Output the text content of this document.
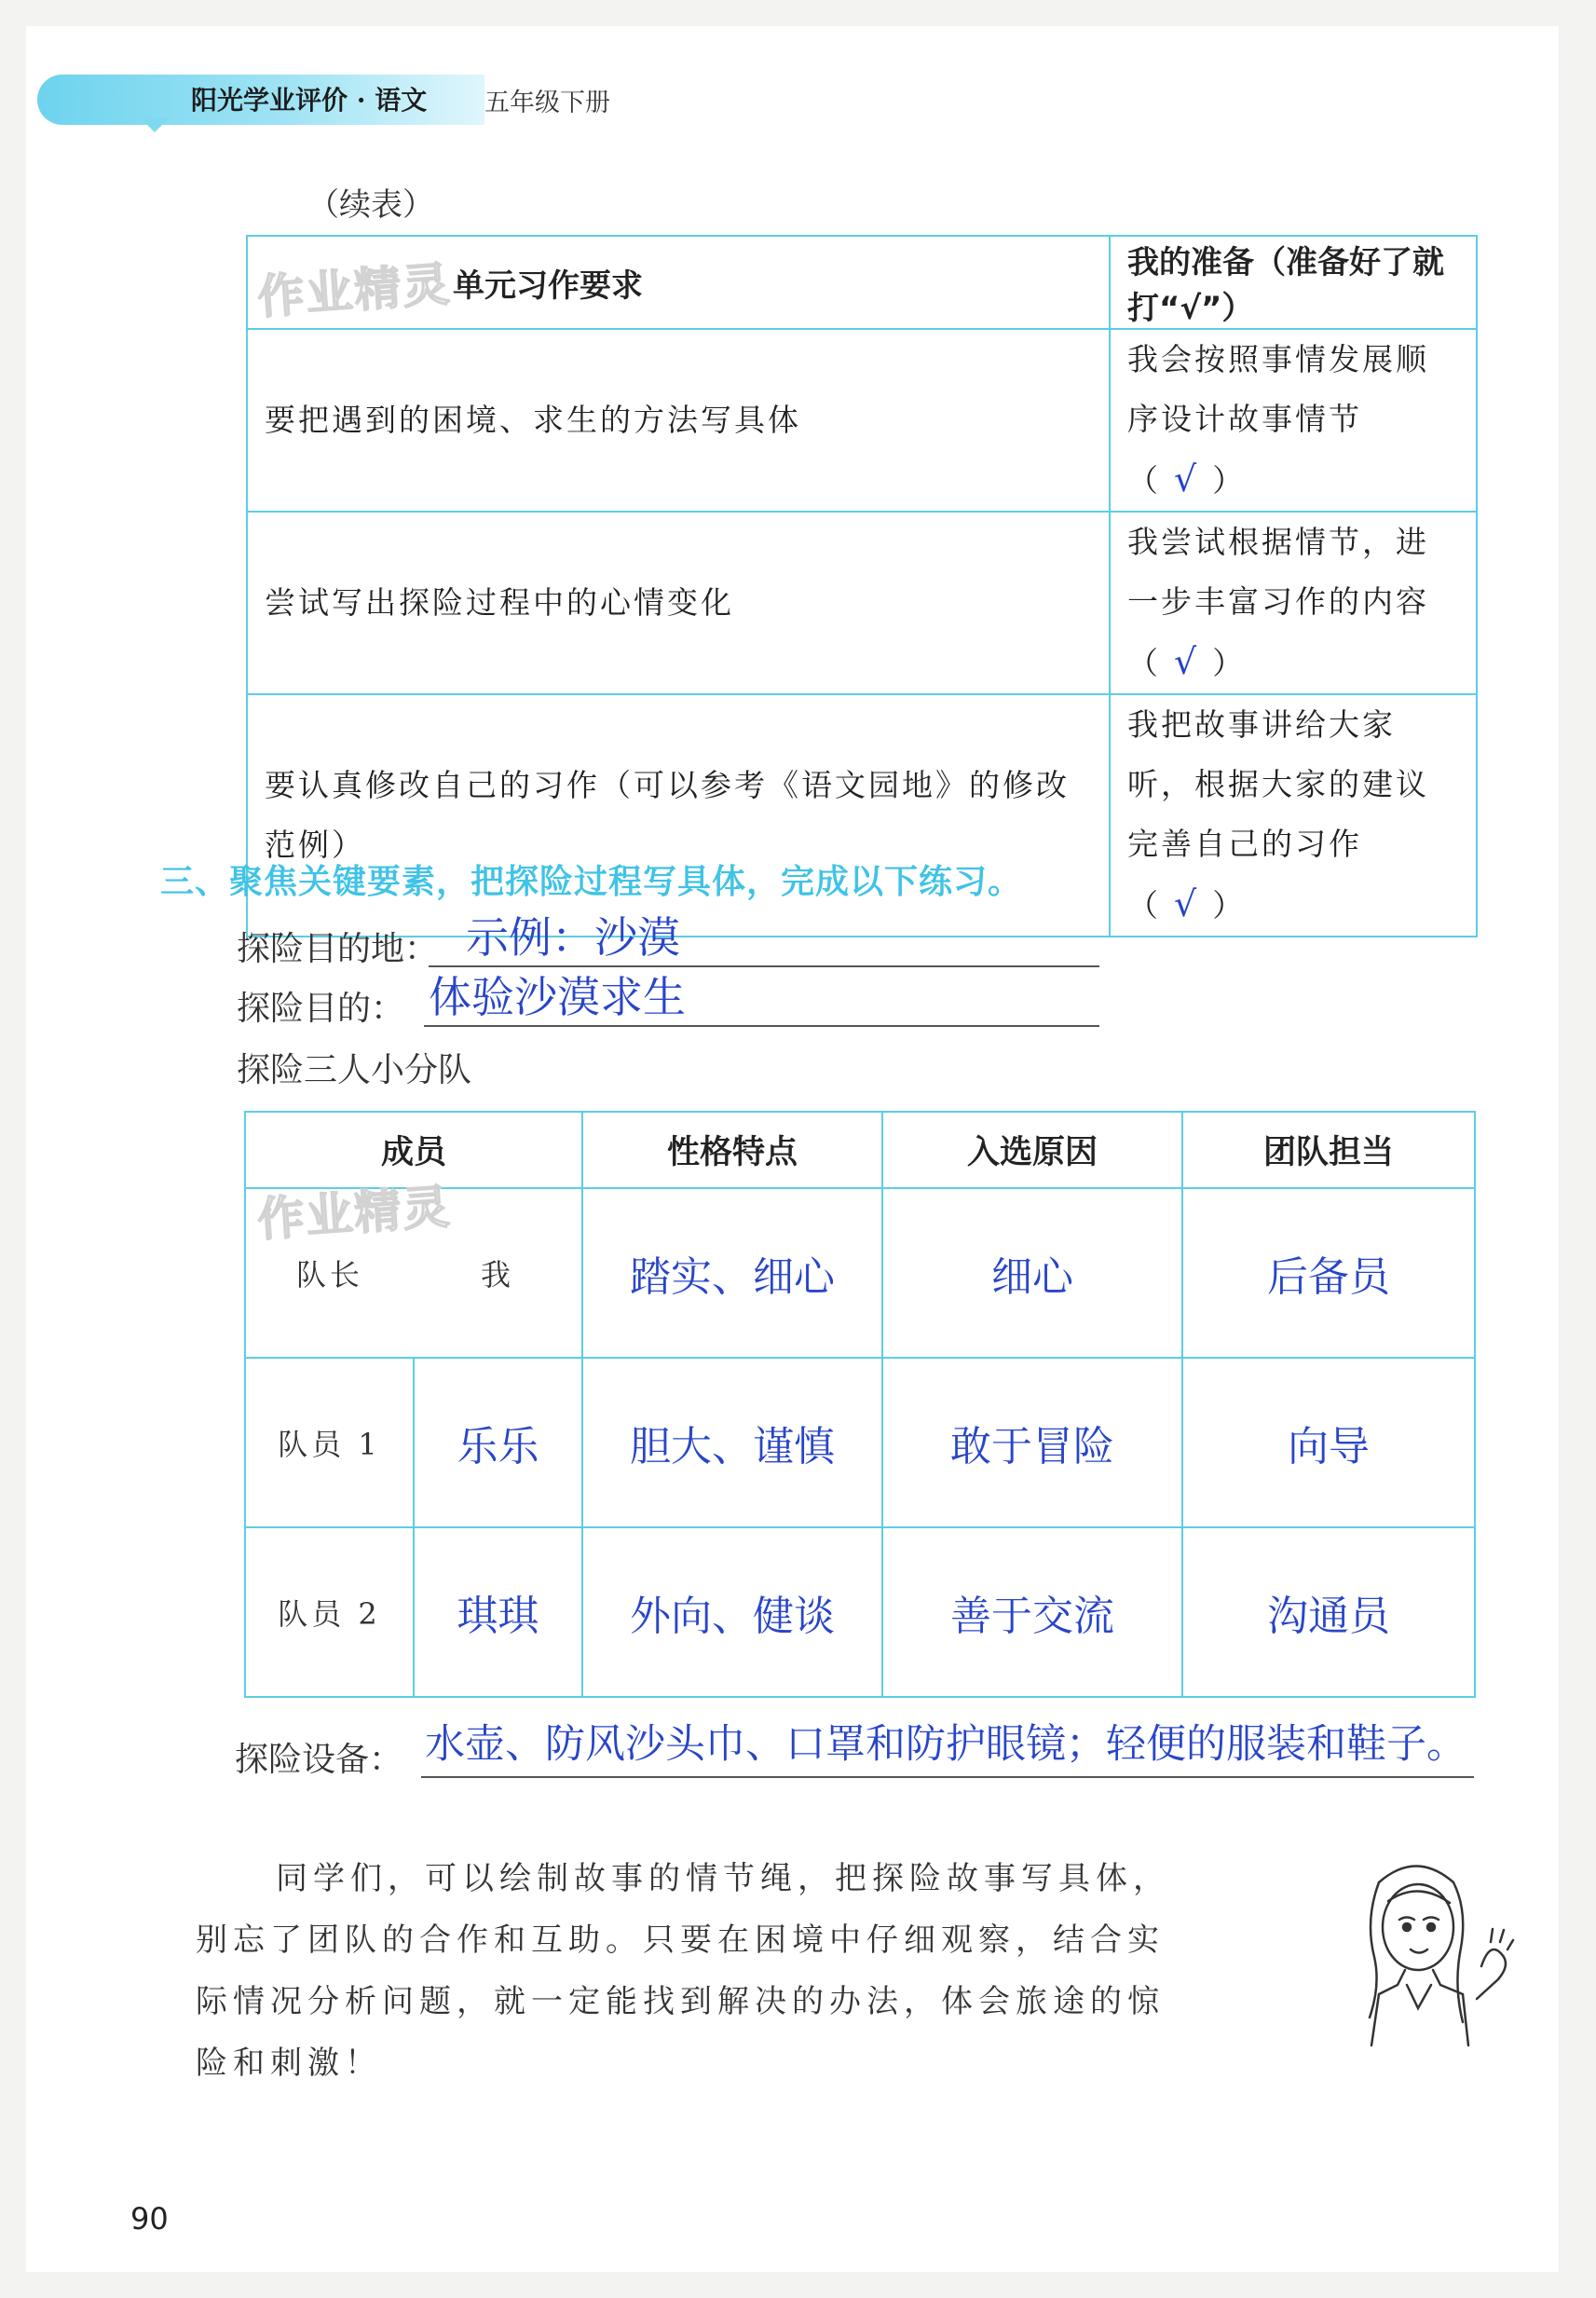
阳光学业评价 · 语文 五年级下册
（续表）
单元习作要求	我的准备（准备好了就打“√”）
要把遇到的困境、求生的方法写具体	我会按照事情发展顺序设计故事情节（ √ ）
尝试写出探险过程中的心情变化	我尝试根据情节，进一步丰富习作的内容（ √ ）
要认真修改自己的习作（可以参考《语文园地》的修改范例）	我把故事讲给大家听，根据大家的建议完善自己的习作（ √ ）
作业精灵
三、聚焦关键要素，把探险过程写具体，完成以下练习。
探险目的地： 示例：沙漠
探险目的： 体验沙漠求生
探险三人小分队
成员		性格特点	入选原因	团队担当
队长	我	踏实、细心	细心	后备员
队员 1	乐乐	胆大、谨慎	敢于冒险	向导
队员 2	琪琪	外向、健谈	善于交流	沟通员
作业精灵
探险设备： 水壶、防风沙头巾、口罩和防护眼镜；轻便的服装和鞋子。
同学们，可以绘制故事的情节绳，把探险故事写具体，
别忘了团队的合作和互助。只要在困境中仔细观察，结合实
际情况分析问题，就一定能找到解决的办法，体会旅途的惊
险和刺激！
90
